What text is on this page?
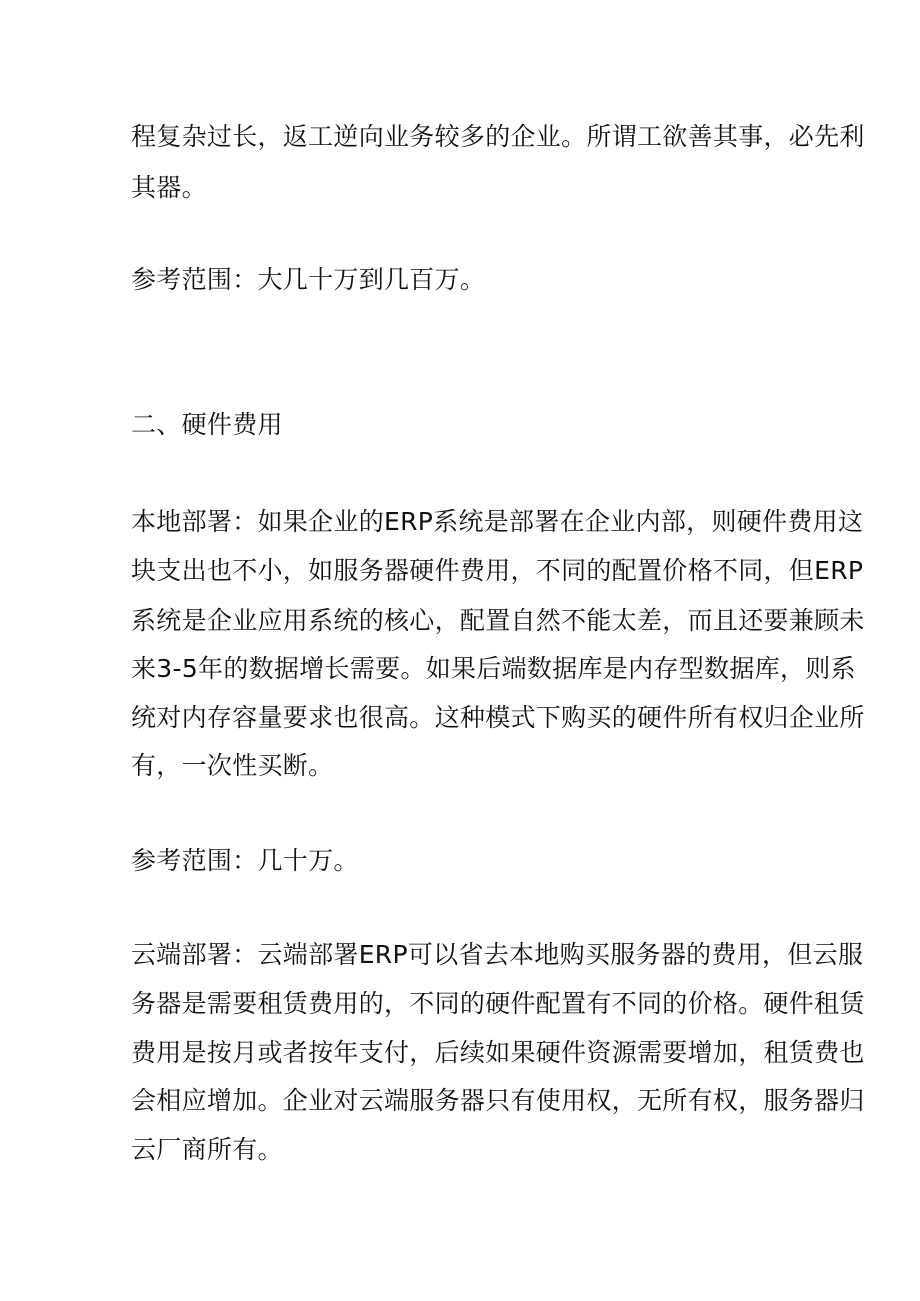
程复杂过长，返工逆向业务较多的企业。所谓工欲善其事，必先利
其器。
参考范围：大几十万到几百万。
二、硬件费用
本地部署：如果企业的ERP系统是部署在企业内部，则硬件费用这
块支出也不小，如服务器硬件费用，不同的配置价格不同，但ERP
系统是企业应用系统的核心，配置自然不能太差，而且还要兼顾未
来3-5年的数据增长需要。如果后端数据库是内存型数据库，则系
统对内存容量要求也很高。这种模式下购买的硬件所有权归企业所
有，一次性买断。
参考范围：几十万。
云端部署：云端部署ERP可以省去本地购买服务器的费用，但云服
务器是需要租赁费用的，不同的硬件配置有不同的价格。硬件租赁
费用是按月或者按年支付，后续如果硬件资源需要增加，租赁费也
会相应增加。企业对云端服务器只有使用权，无所有权，服务器归
云厂商所有。
